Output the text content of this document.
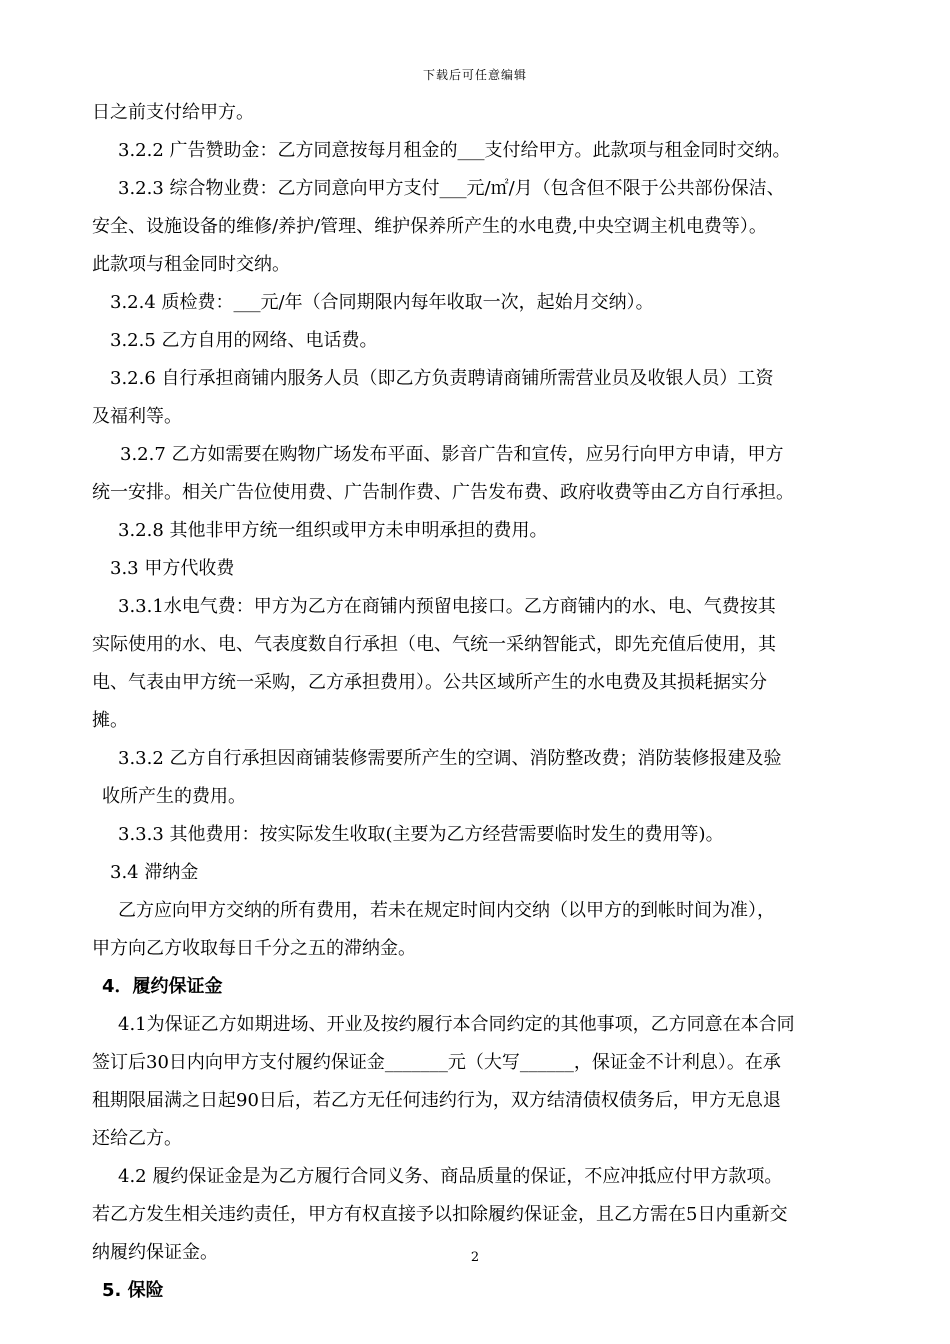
下载后可任意编辑

日之前支付给甲方。

3.2.2 广告赞助金：乙方同意按每月租金的___支付给甲方。此款项与租金同时交纳。

3.2.3 综合物业费：乙方同意向甲方支付___元/㎡/月（包含但不限于公共部份保洁、

安全、设施设备的维修/养护/管理、维护保养所产生的水电费,中央空调主机电费等）。

此款项与租金同时交纳。

3.2.4 质检费：___元/年（合同期限内每年收取一次，起始月交纳）。

3.2.5 乙方自用的网络、电话费。

3.2.6 自行承担商铺内服务人员（即乙方负责聘请商铺所需营业员及收银人员）工资

及福利等。

3.2.7 乙方如需要在购物广场发布平面、影音广告和宣传，应另行向甲方申请，甲方

统一安排。相关广告位使用费、广告制作费、广告发布费、政府收费等由乙方自行承担。

3.2.8 其他非甲方统一组织或甲方未申明承担的费用。

3.3 甲方代收费

3.3.1水电气费：甲方为乙方在商铺内预留电接口。乙方商铺内的水、电、气费按其

实际使用的水、电、气表度数自行承担（电、气统一采纳智能式，即先充值后使用，其

电、气表由甲方统一采购，乙方承担费用）。公共区域所产生的水电费及其损耗据实分

摊。

3.3.2 乙方自行承担因商铺装修需要所产生的空调、消防整改费；消防装修报建及验

收所产生的费用。

3.3.3 其他费用：按实际发生收取(主要为乙方经营需要临时发生的费用等)。

3.4 滞纳金

乙方应向甲方交纳的所有费用，若未在规定时间内交纳（以甲方的到帐时间为准），

甲方向乙方收取每日千分之五的滞纳金。

4．履约保证金

4.1为保证乙方如期进场、开业及按约履行本合同约定的其他事项，乙方同意在本合同

签订后30日内向甲方支付履约保证金_______元（大写______，保证金不计利息）。在承

租期限届满之日起90日后，若乙方无任何违约行为，双方结清债权债务后，甲方无息退

还给乙方。

4.2 履约保证金是为乙方履行合同义务、商品质量的保证，不应冲抵应付甲方款项。

若乙方发生相关违约责任，甲方有权直接予以扣除履约保证金，且乙方需在5日内重新交

纳履约保证金。

5. 保险

2
